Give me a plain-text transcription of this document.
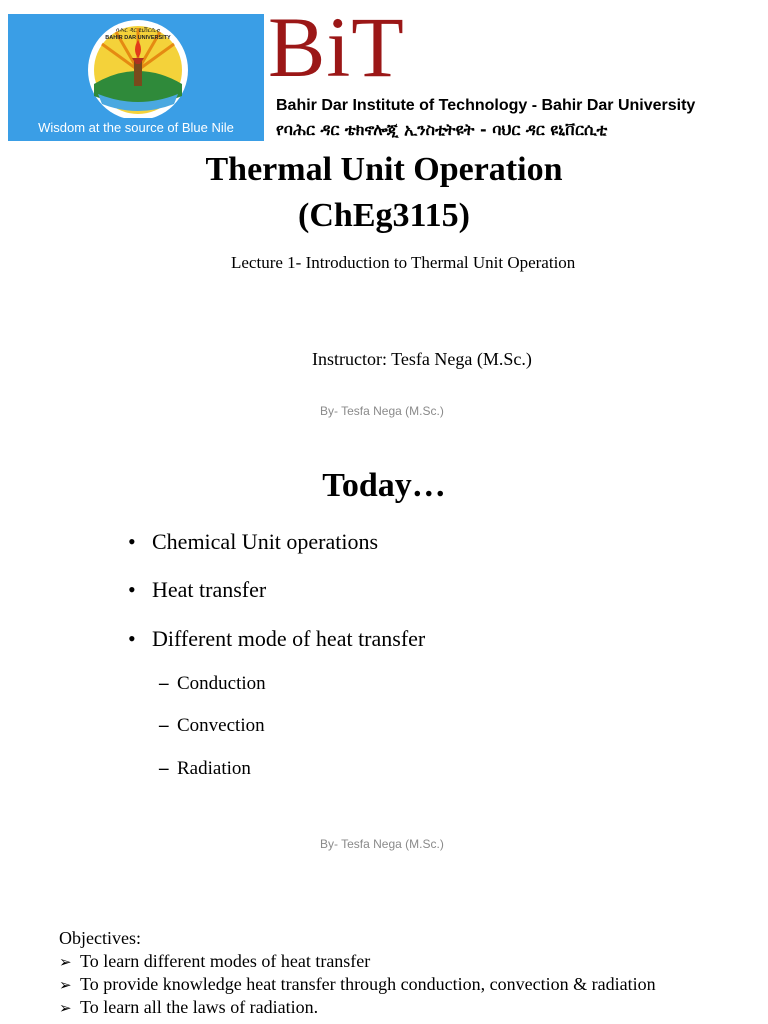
ባሕር ዳር ዩኒቨርሲቲ
BAHIR DAR UNIVERSITY
Wisdom at the source of Blue Nile
BiT
Bahir Dar Institute of Technology - Bahir Dar University
የባሕር ዳር ቴክኖሎጂ ኢንስቲትዩት - ባህር ዳር ዩኒቨርሲቲ
Thermal Unit Operation
(ChEg3115)
Lecture 1- Introduction to Thermal Unit Operation
Instructor: Tesfa Nega (M.Sc.)
By- Tesfa Nega (M.Sc.)
Today…
• Chemical Unit operations
• Heat transfer
• Different mode of heat transfer
– Conduction
– Convection
– Radiation
By- Tesfa Nega (M.Sc.)
Objectives:
➢ To learn different modes of heat transfer
➢ To provide knowledge heat transfer through conduction, convection & radiation
➢ To learn all the laws of radiation.
